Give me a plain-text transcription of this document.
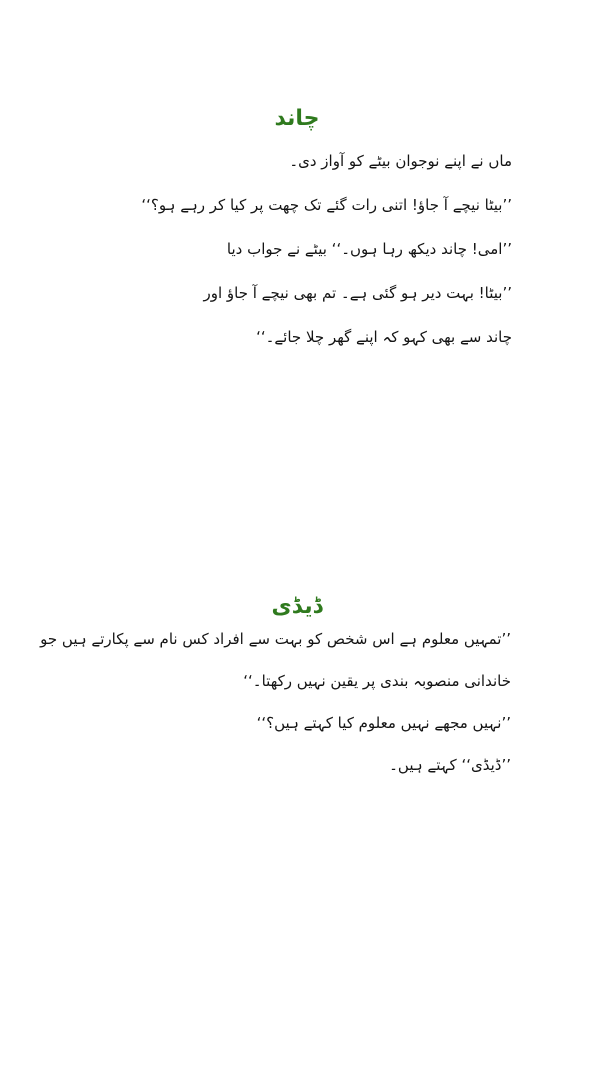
چاند

ماں نے اپنے نوجوان بیٹے کو آواز دی۔

’’بیٹا نیچے آ جاؤ! اتنی رات گئے تک چھت پر کیا کر رہے ہو؟‘‘

’’امی! چاند دیکھ رہا ہوں۔‘‘ بیٹے نے جواب دیا

’’بیٹا! بہت دیر ہو گئی ہے۔ تم بھی نیچے آ جاؤ اور

چاند سے بھی کہو کہ اپنے گھر چلا جائے۔‘‘

ڈیڈی

’’تمہیں معلوم ہے اس شخص کو بہت سے افراد کس نام سے پکارتے ہیں جو

خاندانی منصوبہ بندی پر یقین نہیں رکھتا۔‘‘

’’نہیں مجھے نہیں معلوم کیا کہتے ہیں؟‘‘

’’ڈیڈی‘‘ کہتے ہیں۔
